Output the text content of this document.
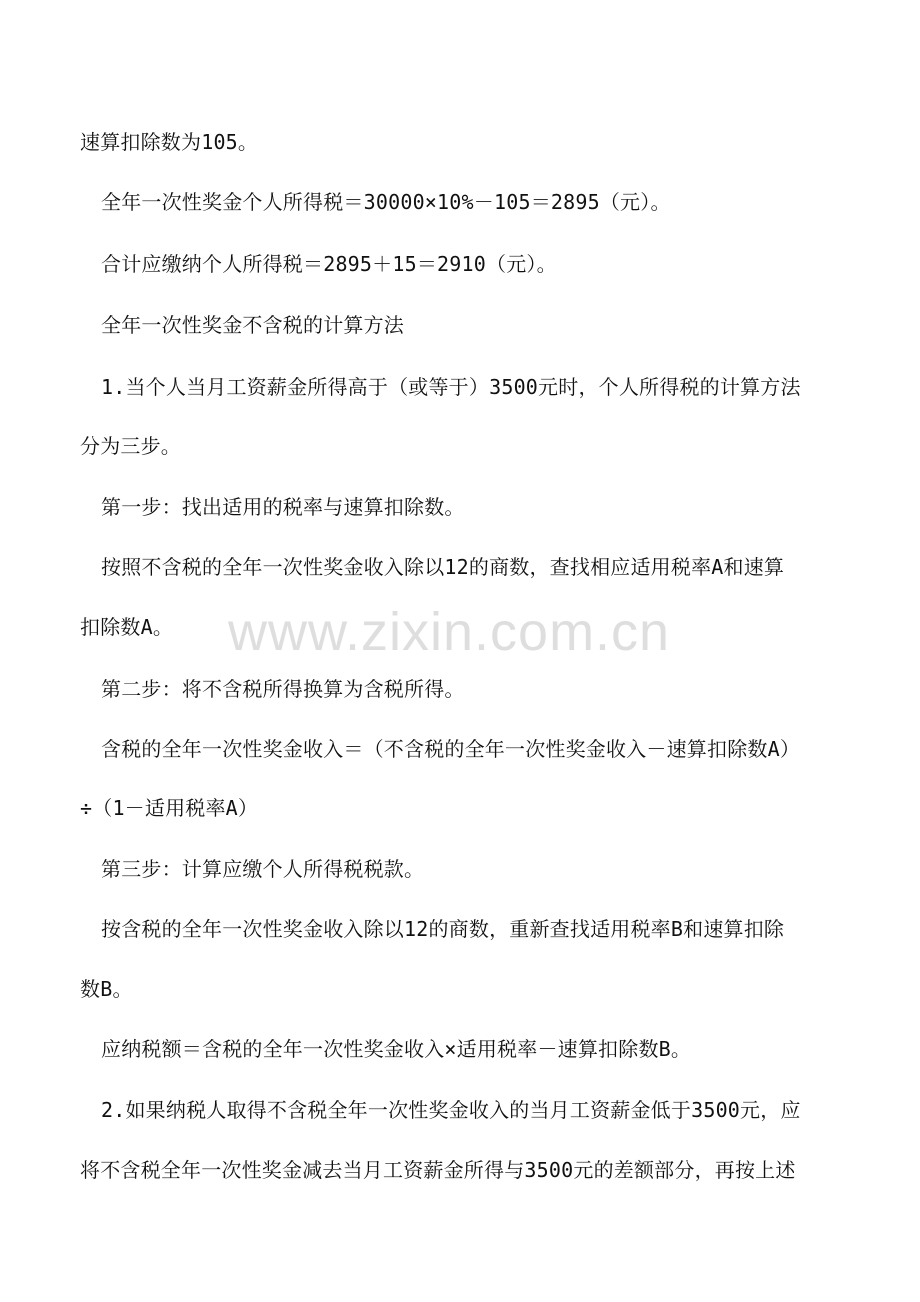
速算扣除数为105。
全年一次性奖金个人所得税＝30000×10%－105＝2895（元）。
合计应缴纳个人所得税＝2895＋15＝2910（元）。
全年一次性奖金不含税的计算方法
1.当个人当月工资薪金所得高于（或等于）3500元时，个人所得税的计算方法
分为三步。
第一步：找出适用的税率与速算扣除数。
按照不含税的全年一次性奖金收入除以12的商数，查找相应适用税率A和速算
扣除数A。
第二步：将不含税所得换算为含税所得。
含税的全年一次性奖金收入＝（不含税的全年一次性奖金收入－速算扣除数A）
÷（1－适用税率A）
第三步：计算应缴个人所得税税款。
按含税的全年一次性奖金收入除以12的商数，重新查找适用税率B和速算扣除
数B。
应纳税额＝含税的全年一次性奖金收入×适用税率－速算扣除数B。
2.如果纳税人取得不含税全年一次性奖金收入的当月工资薪金低于3500元，应
将不含税全年一次性奖金减去当月工资薪金所得与3500元的差额部分，再按上述
www.zixin.com.cn
